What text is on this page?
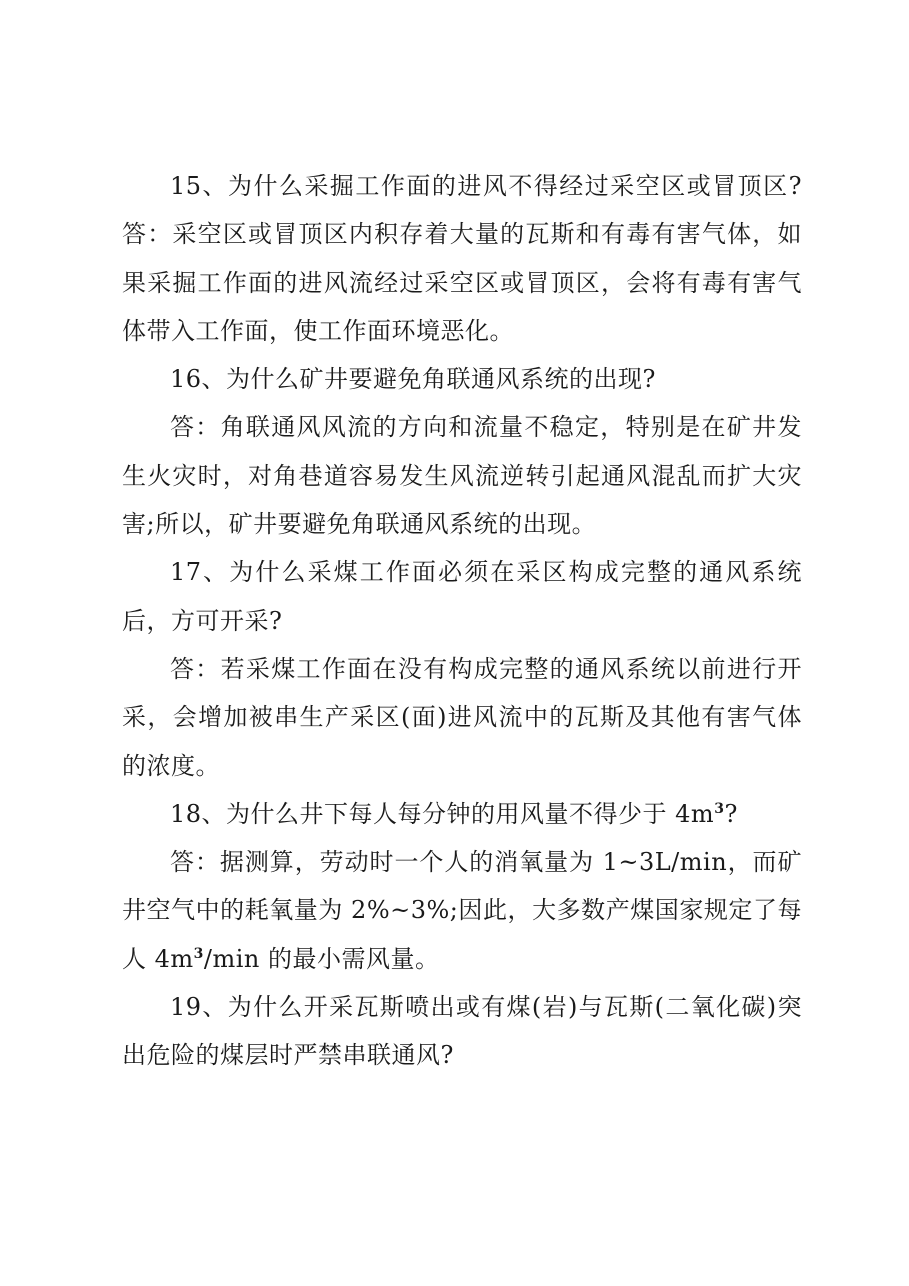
15、为什么采掘工作面的进风不得经过采空区或冒顶区?答：采空区或冒顶区内积存着大量的瓦斯和有毒有害气体，如果采掘工作面的进风流经过采空区或冒顶区，会将有毒有害气体带入工作面，使工作面环境恶化。

16、为什么矿井要避免角联通风系统的出现?

答：角联通风风流的方向和流量不稳定，特别是在矿井发生火灾时，对角巷道容易发生风流逆转引起通风混乱而扩大灾害;所以，矿井要避免角联通风系统的出现。

17、为什么采煤工作面必须在采区构成完整的通风系统后，方可开采?

答：若采煤工作面在没有构成完整的通风系统以前进行开采，会增加被串生产采区(面)进风流中的瓦斯及其他有害气体的浓度。

18、为什么井下每人每分钟的用风量不得少于 $4m^3$?

答：据测算，劳动时一个人的消氧量为 1~3L/min，而矿井空气中的耗氧量为 2%~3%;因此，大多数产煤国家规定了每人 $4m^3/\min$ 的最小需风量。

19、为什么开采瓦斯喷出或有煤(岩)与瓦斯(二氧化碳)突出危险的煤层时严禁串联通风?
